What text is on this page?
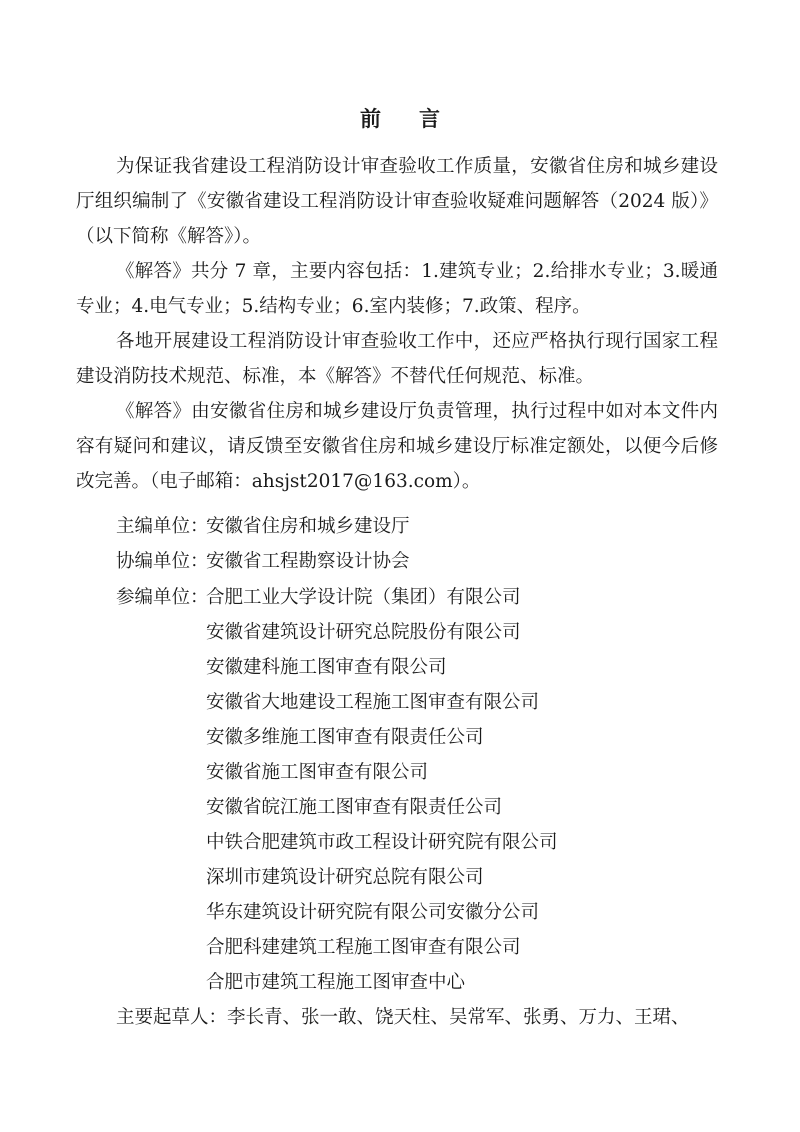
前 言

为保证我省建设工程消防设计审查验收工作质量，安徽省住房和城乡建设厅组织编制了《安徽省建设工程消防设计审查验收疑难问题解答（2024 版）》（以下简称《解答》）。

《解答》共分 7 章，主要内容包括：1.建筑专业；2.给排水专业；3.暖通专业；4.电气专业；5.结构专业；6.室内装修；7.政策、程序。

各地开展建设工程消防设计审查验收工作中，还应严格执行现行国家工程建设消防技术规范、标准，本《解答》不替代任何规范、标准。

《解答》由安徽省住房和城乡建设厅负责管理，执行过程中如对本文件内容有疑问和建议，请反馈至安徽省住房和城乡建设厅标准定额处，以便今后修改完善。（电子邮箱：ahsjst2017@163.com）。

主编单位：安徽省住房和城乡建设厅
协编单位：安徽省工程勘察设计协会
参编单位：
合肥工业大学设计院（集团）有限公司
安徽省建筑设计研究总院股份有限公司
安徽建科施工图审查有限公司
安徽省大地建设工程施工图审查有限公司
安徽多维施工图审查有限责任公司
安徽省施工图审查有限公司
安徽省皖江施工图审查有限责任公司
中铁合肥建筑市政工程设计研究院有限公司
深圳市建筑设计研究总院有限公司
华东建筑设计研究院有限公司安徽分公司
合肥科建建筑工程施工图审查有限公司
合肥市建筑工程施工图审查中心
主要起草人：李长青、张一敢、饶天柱、吴常军、张勇、万力、王珺、
